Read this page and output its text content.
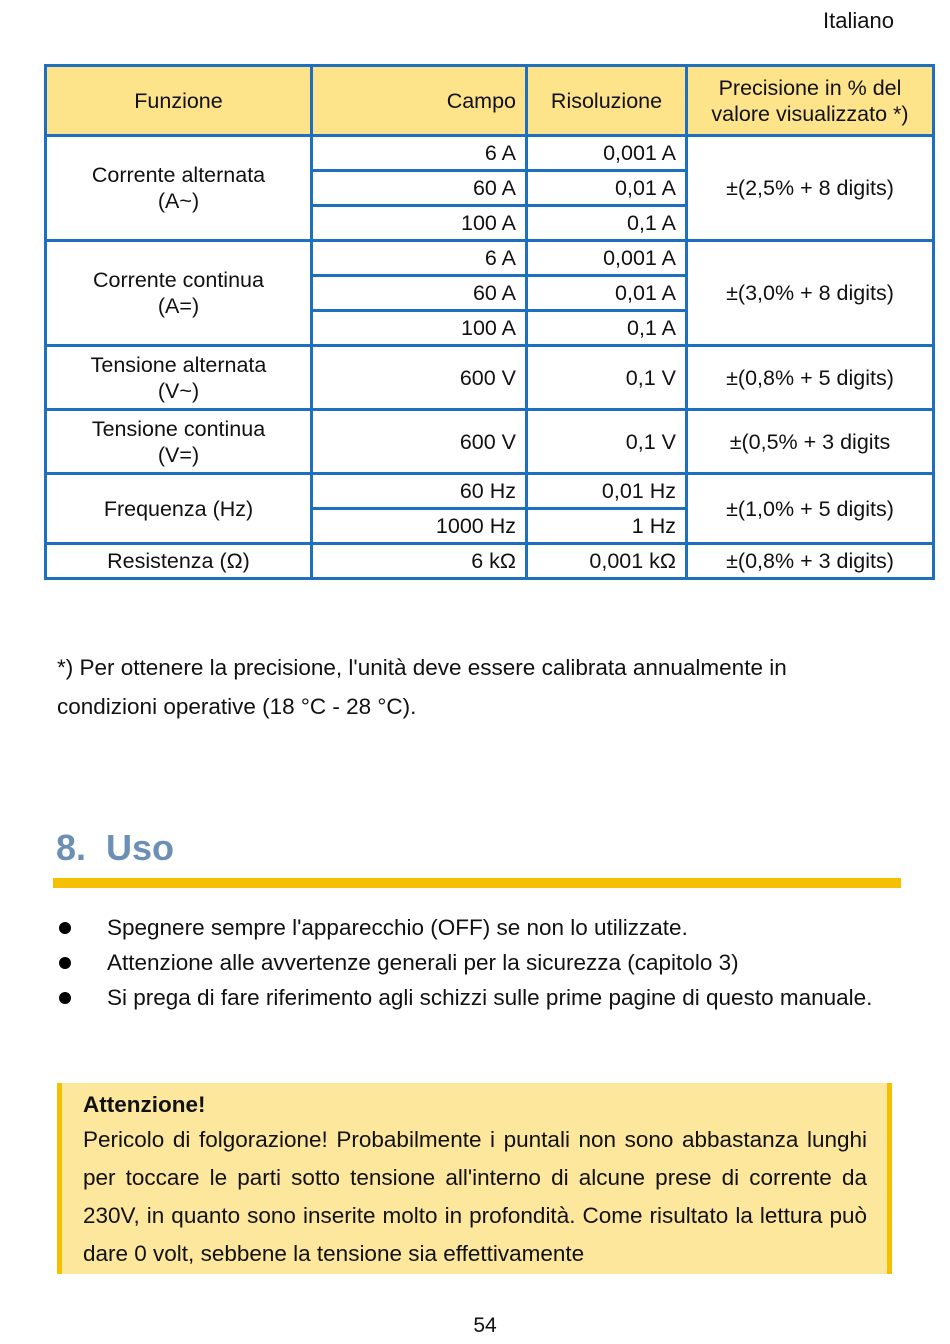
Italiano
Funzione	Campo	Risoluzione	Precisione in % del
valore visualizzato *)
Corrente alternata
(A~)	6 A	0,001 A	±(2,5% + 8 digits)
	60 A	0,01 A	
	100 A	0,1 A	
Corrente continua
(A=)	6 A	0,001 A	±(3,0% + 8 digits)
	60 A	0,01 A	
	100 A	0,1 A	
Tensione alternata
(V~)	600 V	0,1 V	±(0,8% + 5 digits)
Tensione continua
(V=)	600 V	0,1 V	±(0,5% + 3 digits
Frequenza (Hz)	60 Hz	0,01 Hz	±(1,0% + 5 digits)
	1000 Hz	1 Hz	
Resistenza (Ω)	6 kΩ	0,001 kΩ	±(0,8% + 3 digits)
*) Per ottenere la precisione, l'unità deve essere calibrata annualmente in
condizioni operative (18 °C - 28 °C).
8. Uso
Spegnere sempre l'apparecchio (OFF) se non lo utilizzate.
Attenzione alle avvertenze generali per la sicurezza (capitolo 3)
Si prega di fare riferimento agli schizzi sulle prime pagine di questo manuale.
Attenzione!
Pericolo di folgorazione! Probabilmente i puntali non sono abbastanza lunghi per toccare le parti sotto tensione all'interno di alcune prese di corrente da 230V, in quanto sono inserite molto in profondità. Come risultato la lettura può dare 0 volt, sebbene la tensione sia effettivamente
54
